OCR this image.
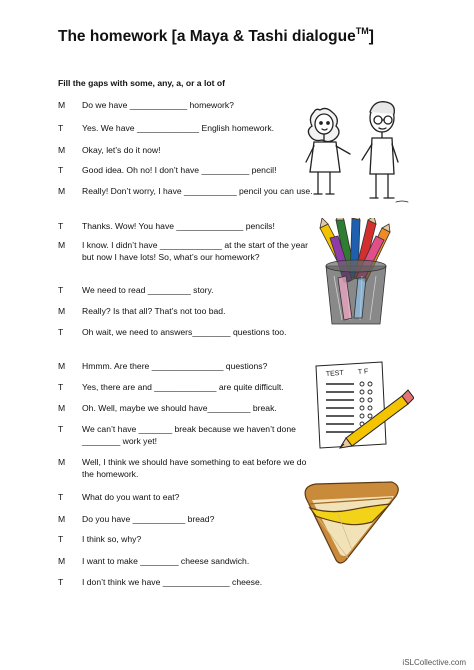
The homework [a Maya & Tashi dialogue™]
Fill the gaps with some, any, a, or a lot of
M Do we have ____________ homework?
T Yes. We have _____________ English homework.
M Okay, let’s do it now!
T Good idea. Oh no! I don’t have __________ pencil!
M Really! Don’t worry, I have ___________ pencil you can use.
T Thanks. Wow! You have ______________ pencils!
M I know. I didn’t have _____________ at the start of the year but now I have lots! So, what’s our homework?
T We need to read _________ story.
M Really? Is that all? That’s not too bad.
T Oh wait, we need to answers________ questions too.
M Hmmm. Are there _______________ questions?
T Yes, there are and _____________ are quite difficult.
M Oh. Well, maybe we should have_________ break.
T We can’t have _______ break because we haven’t done ________ work yet!
M Well, I think we should have something to eat before we do the homework.
T What do you want to eat?
M Do you have ___________ bread?
T I think so, why?
M I want to make ________ cheese sandwich.
T I don’t think we have ______________ cheese.
TEST T F
iSLCollective.com
